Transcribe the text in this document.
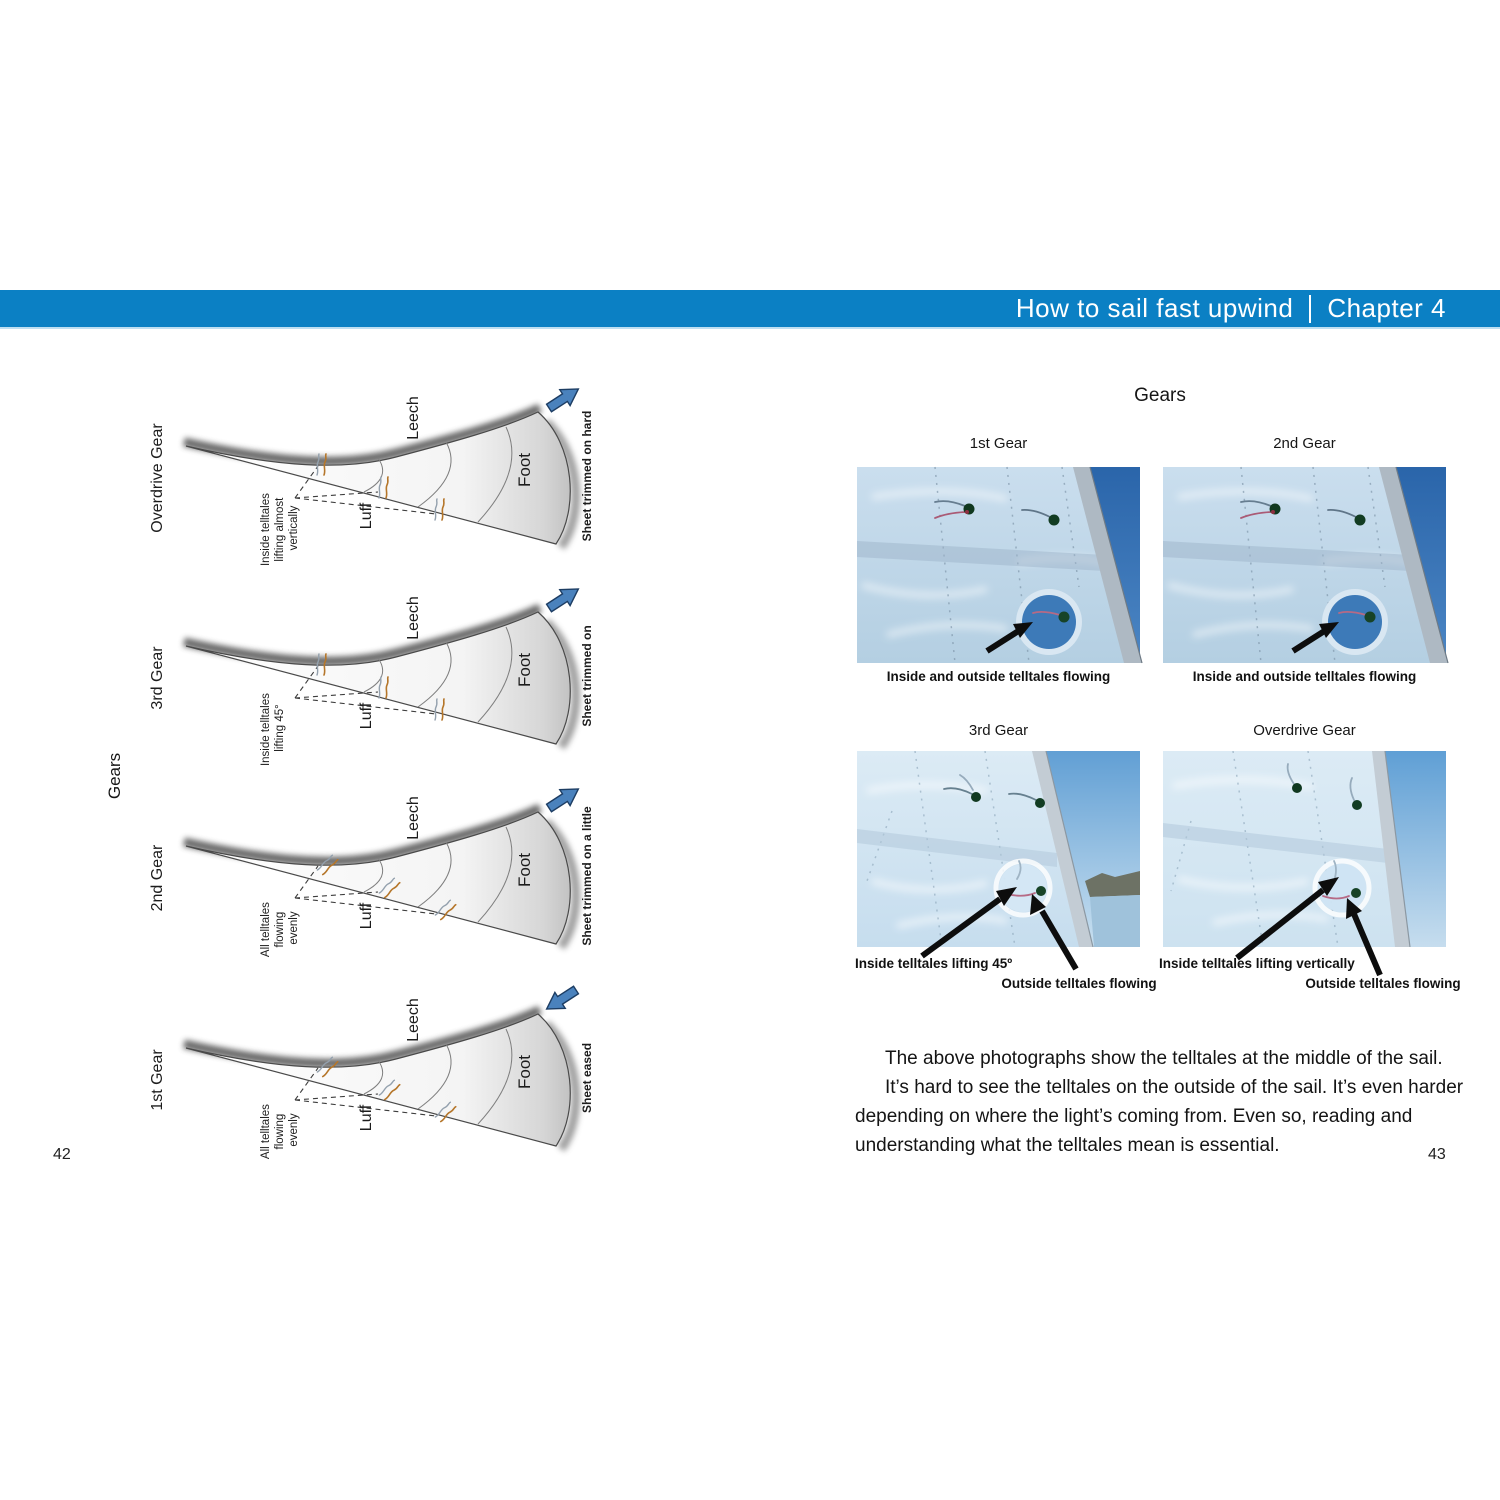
How to sail fast upwind Chapter 4
Gears
Overdrive Gear	Inside telltales lifting almost vertically	Luff
Leech
Foot	Sheet trimmed on hard
3rd Gear
Inside telltales lifting 45°	Luff
Leech
Foot	Sheet trimmed on
2nd Gear
All telltales flowing evenly	Luff
Leech
Foot	Sheet trimmed on a little
1st Gear
All telltales flowing evenly	Luff
Leech
Foot	Sheet eased
42
Gears
1st Gear	2nd Gear
Inside and outside telltales flowing	Inside and outside telltales flowing
3rd Gear	Overdrive Gear
Inside telltales lifting 45º
Outside telltales flowing
Inside telltales lifting vertically
Outside telltales flowing

The above photographs show the telltales at the middle of the sail.

It’s hard to see the telltales on the outside of the sail. It’s even harder depending on where the light’s coming from. Even so, reading and understanding what the telltales mean is essential.	43
